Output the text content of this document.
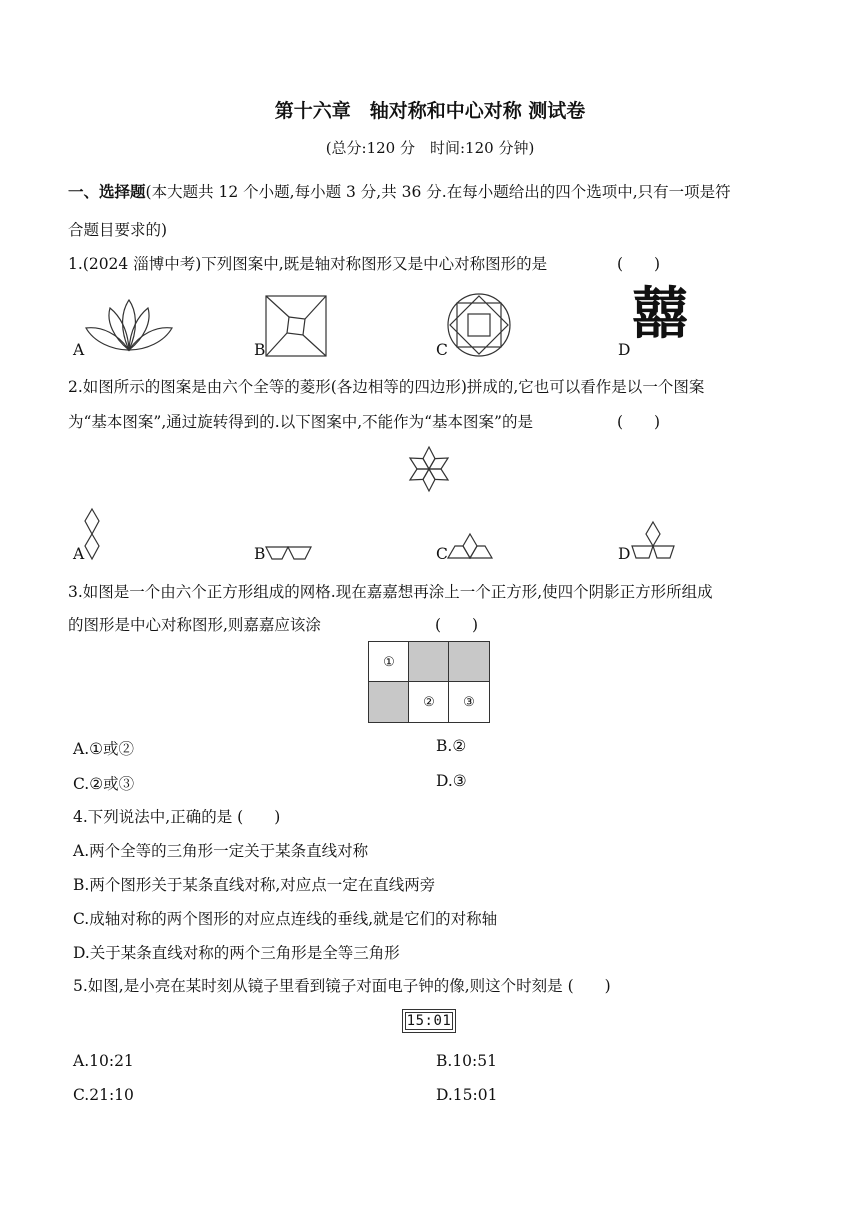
第十六章　轴对称和中心对称 测试卷
(总分:120 分　时间:120 分钟)
一、选择题(本大题共 12 个小题,每小题 3 分,共 36 分.在每小题给出的四个选项中,只有一项是符
合题目要求的)
1.(2024 淄博中考)下列图案中,既是轴对称图形又是中心对称图形的是	(　　)
A	B	C
囍
D
2.如图所示的图案是由六个全等的菱形(各边相等的四边形)拼成的,它也可以看作是以一个图案
为“基本图案”,通过旋转得到的.以下图案中,不能作为“基本图案”的是	(　　)
A	B	C	D
3.如图是一个由六个正方形组成的网格.现在嘉嘉想再涂上一个正方形,使四个阴影正方形所组成
的图形是中心对称图形,则嘉嘉应该涂	(　　)
①
②	③
A.①或②	B.②
C.②或③	D.③
4.下列说法中,正确的是 (　　)
A.两个全等的三角形一定关于某条直线对称
B.两个图形关于某条直线对称,对应点一定在直线两旁
C.成轴对称的两个图形的对应点连线的垂线,就是它们的对称轴
D.关于某条直线对称的两个三角形是全等三角形
5.如图,是小亮在某时刻从镜子里看到镜子对面电子钟的像,则这个时刻是 (　　)
15:01
A.10:21	B.10:51
C.21:10	D.15:01
